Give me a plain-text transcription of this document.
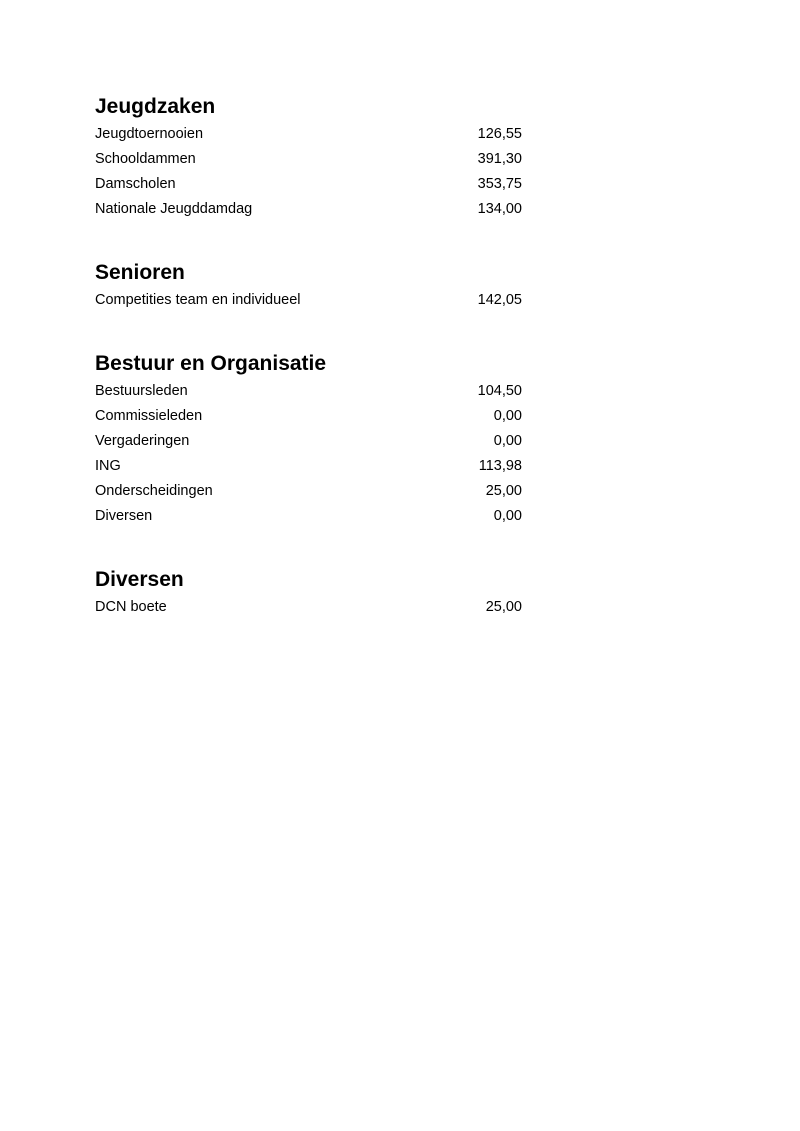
Jeugdzaken
Jeugdtoernooien	126,55
Schooldammen	391,30
Damscholen	353,75
Nationale Jeugddamdag	134,00
Senioren
Competities team en individueel	142,05
Bestuur en Organisatie
Bestuursleden	104,50
Commissieleden	0,00
Vergaderingen	0,00
ING	113,98
Onderscheidingen	25,00
Diversen	0,00
Diversen
DCN boete	25,00
